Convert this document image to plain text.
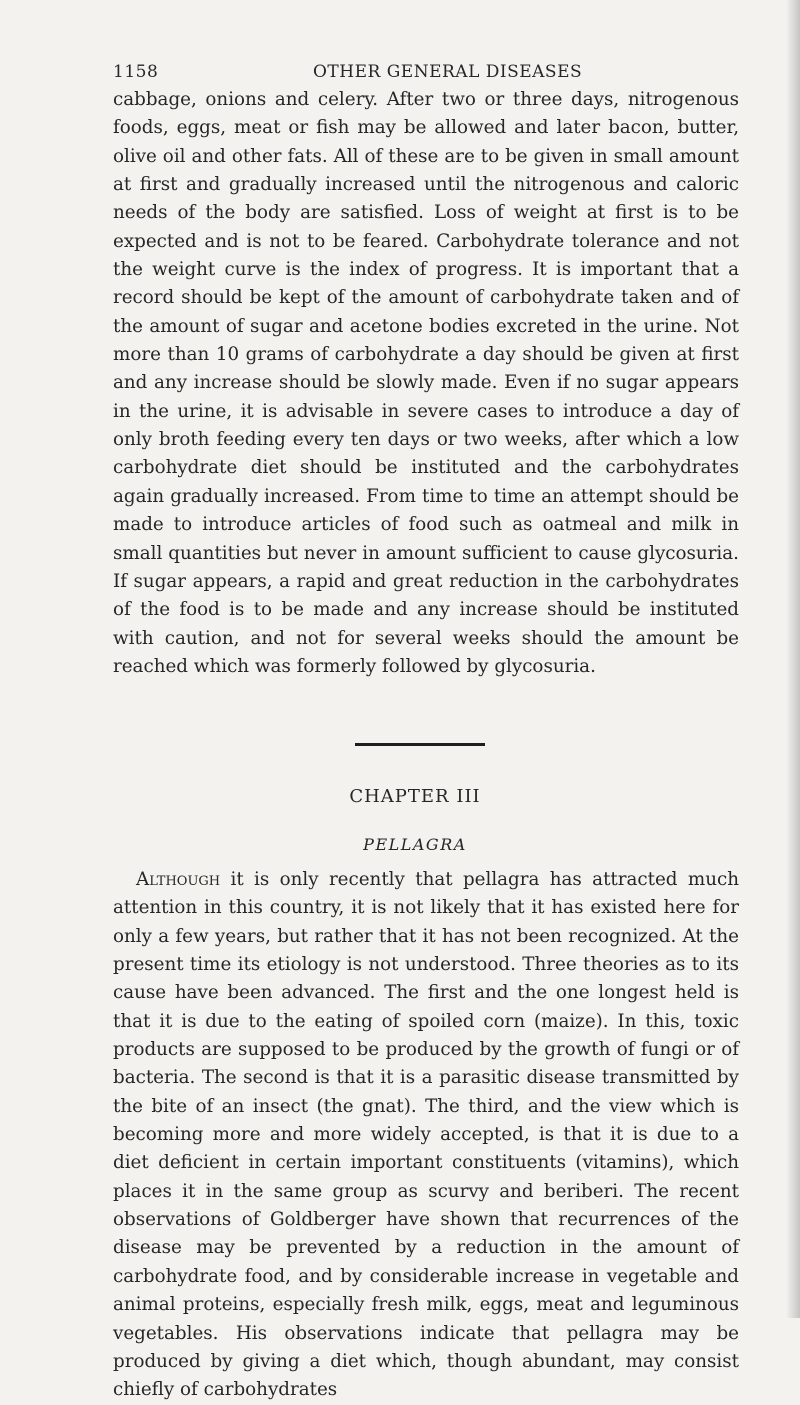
1158	OTHER GENERAL DISEASES

cabbage, onions and celery. After two or three days, nitrogenous foods, eggs, meat or fish may be allowed and later bacon, butter, olive oil and other fats. All of these are to be given in small amount at first and gradually increased until the nitrogenous and caloric needs of the body are satisfied. Loss of weight at first is to be expected and is not to be feared. Carbohydrate tolerance and not the weight curve is the index of progress. It is important that a record should be kept of the amount of carbohydrate taken and of the amount of sugar and acetone bodies excreted in the urine. Not more than 10 grams of carbohydrate a day should be given at first and any increase should be slowly made. Even if no sugar appears in the urine, it is advisable in severe cases to introduce a day of only broth feeding every ten days or two weeks, after which a low carbohydrate diet should be instituted and the carbohydrates again gradually increased. From time to time an attempt should be made to introduce articles of food such as oatmeal and milk in small quantities but never in amount sufficient to cause glycosuria. If sugar appears, a rapid and great reduction in the carbohydrates of the food is to be made and any increase should be instituted with caution, and not for several weeks should the amount be reached which was formerly followed by glycosuria.

CHAPTER III
PELLAGRA

Although it is only recently that pellagra has attracted much attention in this country, it is not likely that it has existed here for only a few years, but rather that it has not been recognized. At the present time its etiology is not understood. Three theories as to its cause have been advanced. The first and the one longest held is that it is due to the eating of spoiled corn (maize). In this, toxic products are supposed to be produced by the growth of fungi or of bacteria. The second is that it is a parasitic disease transmitted by the bite of an insect (the gnat). The third, and the view which is becoming more and more widely accepted, is that it is due to a diet deficient in certain important constituents (vitamins), which places it in the same group as scurvy and beriberi. The recent observations of Goldberger have shown that recurrences of the disease may be prevented by a reduction in the amount of carbohydrate food, and by considerable increase in vegetable and animal proteins, especially fresh milk, eggs, meat and leguminous vegetables. His observations indicate that pellagra may be produced by giving a diet which, though abundant, may consist chiefly of carbohydrates
